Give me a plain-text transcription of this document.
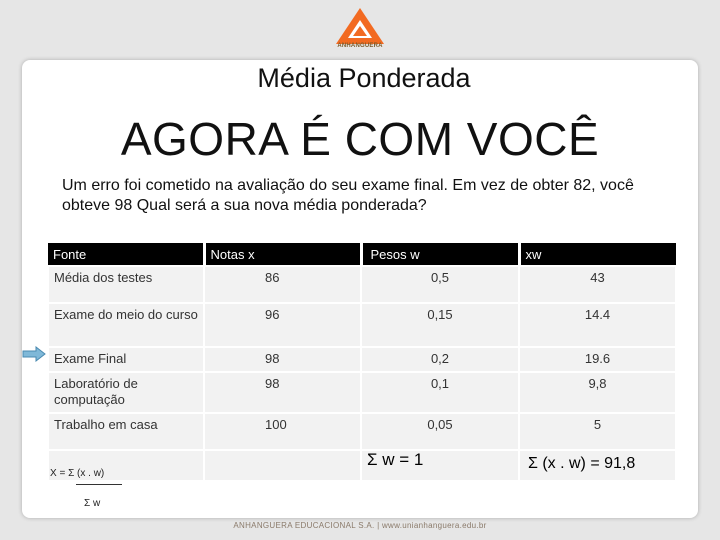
ANHANGUERA
Média Ponderada
AGORA É COM VOCÊ
Um erro foi cometido na avaliação do seu exame final. Em vez de obter 82, você obteve 98 Qual será a sua nova média ponderada?
Fonte	Notas x	Pesos w	xw
Média dos testes	86	0,5	43
Exame do meio do curso	96	0,15	14.4
Exame Final	98	0,2	19.6
Laboratório de computação	98	0,1	9,8
Trabalho em casa	100	0,05	5
		Σ w = 1	Σ (x . w) = 91,8
X = Σ (x . w)
Σ w
ANHANGUERA EDUCACIONAL S.A. | www.unianhanguera.edu.br
